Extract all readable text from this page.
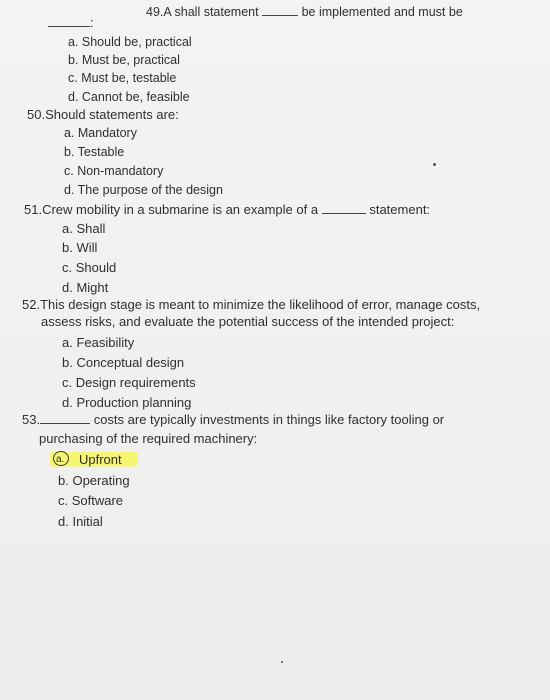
49.A shall statement	be implemented and must be
:
a. Should be, practical
b. Must be, practical
c. Must be, testable
d. Cannot be, feasible
50.Should statements are:
a. Mandatory
b. Testable
c. Non-mandatory
d. The purpose of the design
51.Crew mobility in a submarine is an example of a	statement:
a. Shall
b. Will
c. Should
d. Might
52.This design stage is meant to minimize the likelihood of error, manage costs,
assess risks, and evaluate the potential success of the intended project:
a. Feasibility
b. Conceptual design
c. Design requirements
d. Production planning
53.	costs are typically investments in things like factory tooling or
purchasing of the required machinery:
a. Upfront
b. Operating
c. Software
d. Initial
